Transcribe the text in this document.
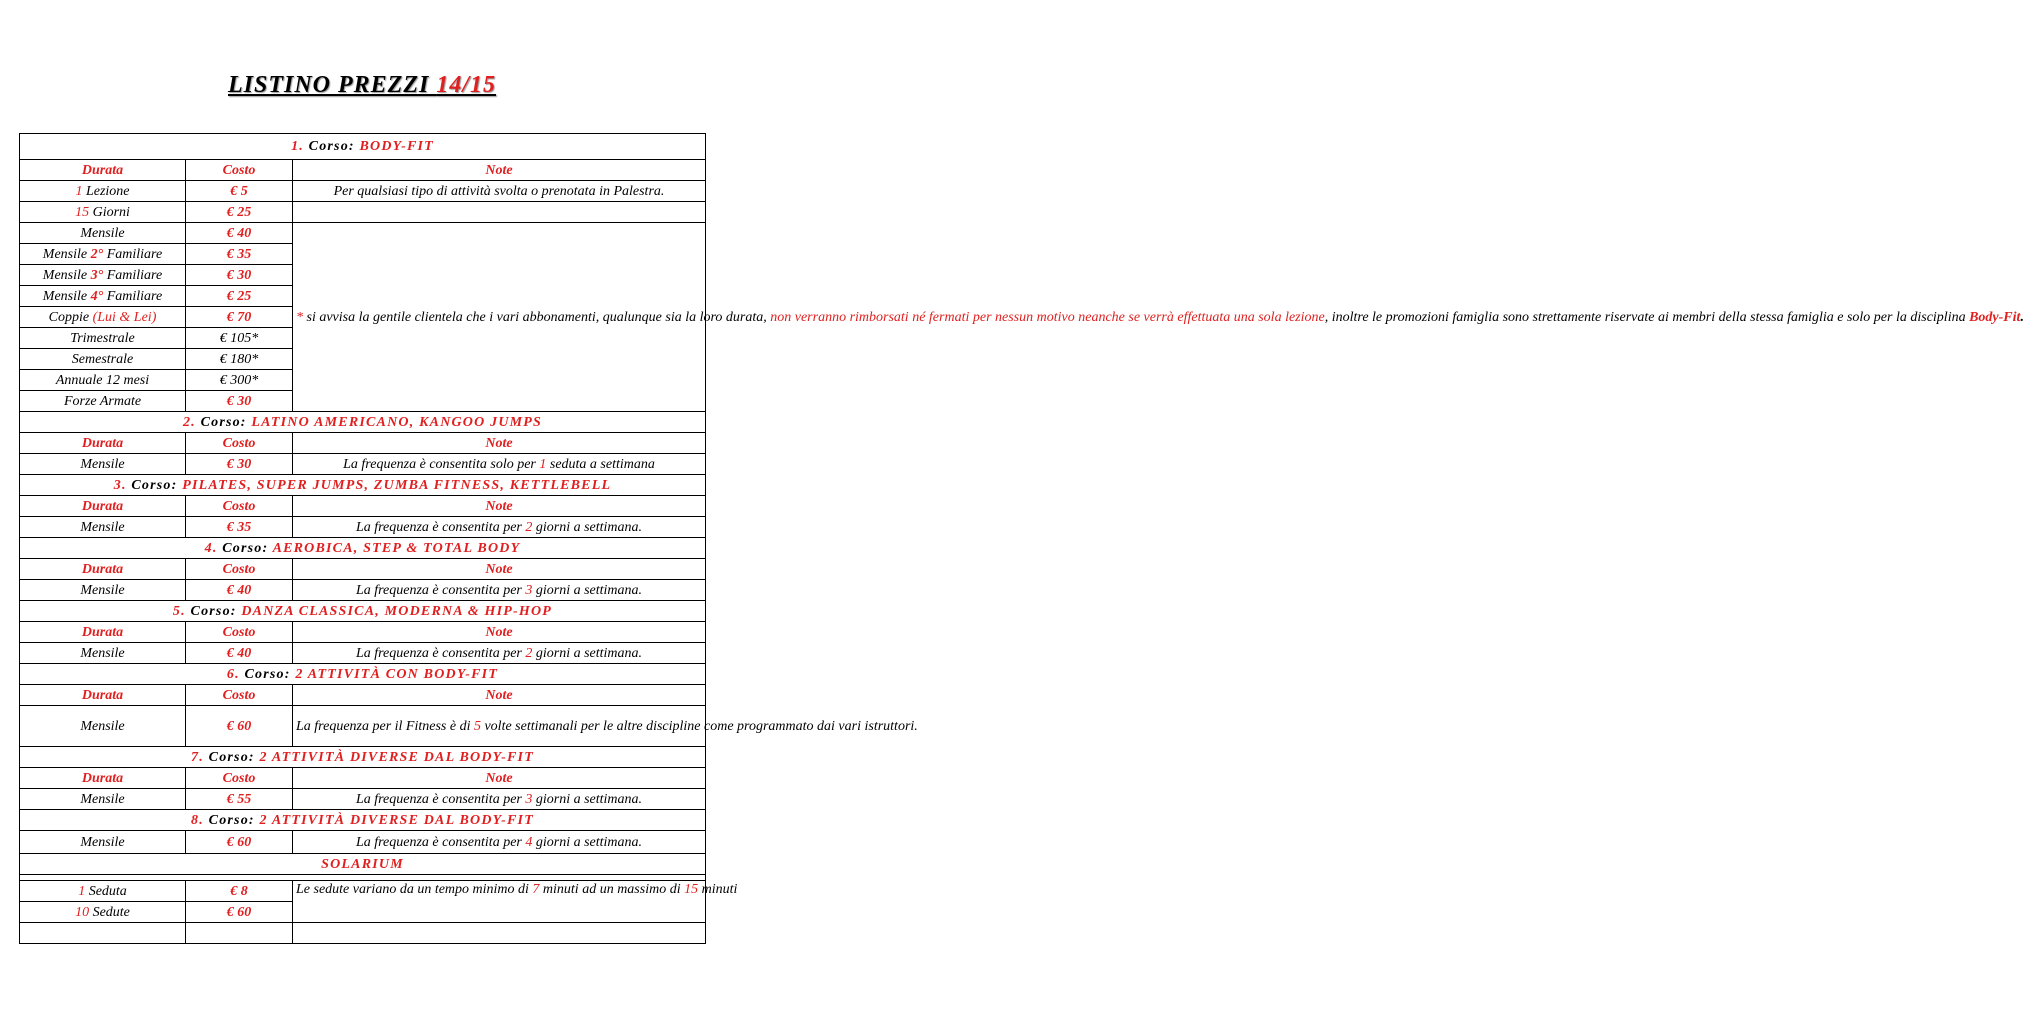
LISTINO PREZZI 14/15
1. Corso: BODY-FIT		
Durata	Costo	Note
1 Lezione	€ 5	Per qualsiasi tipo di attività svolta o prenotata in Palestra.
15 Giorni	€ 25	
Mensile	€ 40	* si avvisa la gentile clientela che i vari abbonamenti, qualunque sia la loro durata, non verranno rimborsati né fermati per nessun motivo neanche se verrà effettuata una sola lezione, inoltre le promozioni famiglia sono strettamente riservate ai membri della stessa famiglia e solo per la disciplina Body-Fit.
Mensile 2° Familiare	€ 35	
Mensile 3° Familiare	€ 30	
Mensile 4° Familiare	€ 25	
Coppie (Lui & Lei)	€ 70	
Trimestrale	€ 105*	
Semestrale	€ 180*	
Annuale 12 mesi	€ 300*	
Forze Armate	€ 30	
2. Corso: LATINO AMERICANO, KANGOO JUMPS		
Durata	Costo	Note
Mensile	€ 30	La frequenza è consentita solo per 1 seduta a settimana
3. Corso: PILATES, SUPER JUMPS, ZUMBA FITNESS, KETTLEBELL		
Durata	Costo	Note
Mensile	€ 35	La frequenza è consentita per 2 giorni a settimana.
4. Corso: AEROBICA, STEP & TOTAL BODY		
Durata	Costo	Note
Mensile	€ 40	La frequenza è consentita per 3 giorni a settimana.
5. Corso: DANZA CLASSICA, MODERNA & HIP-HOP		
Durata	Costo	Note
Mensile	€ 40	La frequenza è consentita per 2 giorni a settimana.
6. Corso: 2 ATTIVITÀ CON BODY-FIT		
Durata	Costo	Note
Mensile	€ 60	La frequenza per il Fitness è di 5 volte settimanali per le altre discipline come programmato dai vari istruttori.
7. Corso: 2 ATTIVITÀ DIVERSE DAL BODY-FIT		
Durata	Costo	Note
Mensile	€ 55	La frequenza è consentita per 3 giorni a settimana.
8. Corso: 2 ATTIVITÀ DIVERSE DAL BODY-FIT		
Mensile	€ 60	La frequenza è consentita per 4 giorni a settimana.
SOLARIUM		

1 Seduta	€ 8	Le sedute variano da un tempo minimo di 7 minuti ad un massimo di 15 minuti
10 Sedute	€ 60	
